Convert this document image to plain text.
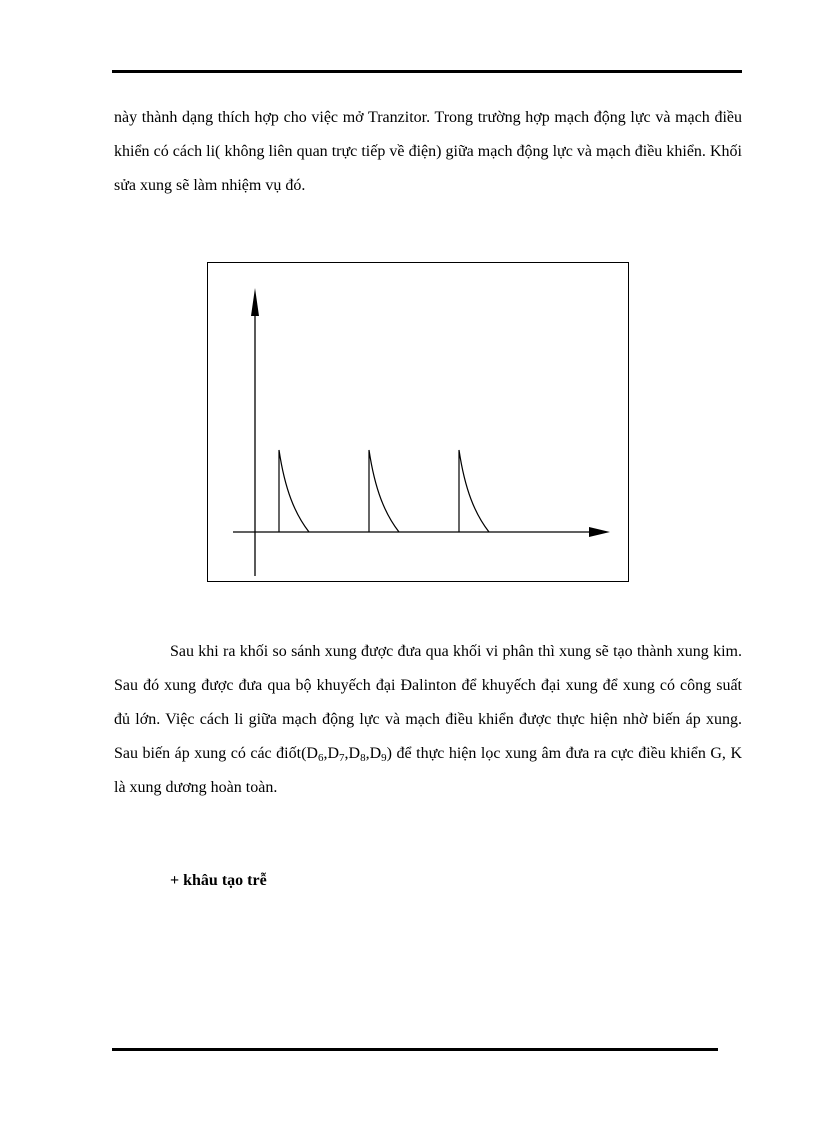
này thành dạng thích hợp cho việc mở Tranzitor. Trong trường hợp mạch động lực và mạch điều khiển có cách li( không liên quan trực tiếp về điện) giữa mạch động lực và mạch điều khiển. Khối sửa xung sẽ làm nhiệm vụ đó.

Sau khi ra khối so sánh xung được đưa qua khối vi phân thì xung sẽ tạo thành xung kim. Sau đó xung được đưa qua bộ khuyếch đại Đalinton để khuyếch đại xung để xung có công suất đủ lớn. Việc cách li giữa mạch động lực và mạch điều khiển được thực hiện nhờ biến áp xung. Sau biến áp xung có các $điốt(D_6,D_7,D_8,D_9)$ để thực hiện lọc xung âm đưa ra cực điều khiển G, K là xung dương hoàn toàn.

+ khâu tạo trễ
